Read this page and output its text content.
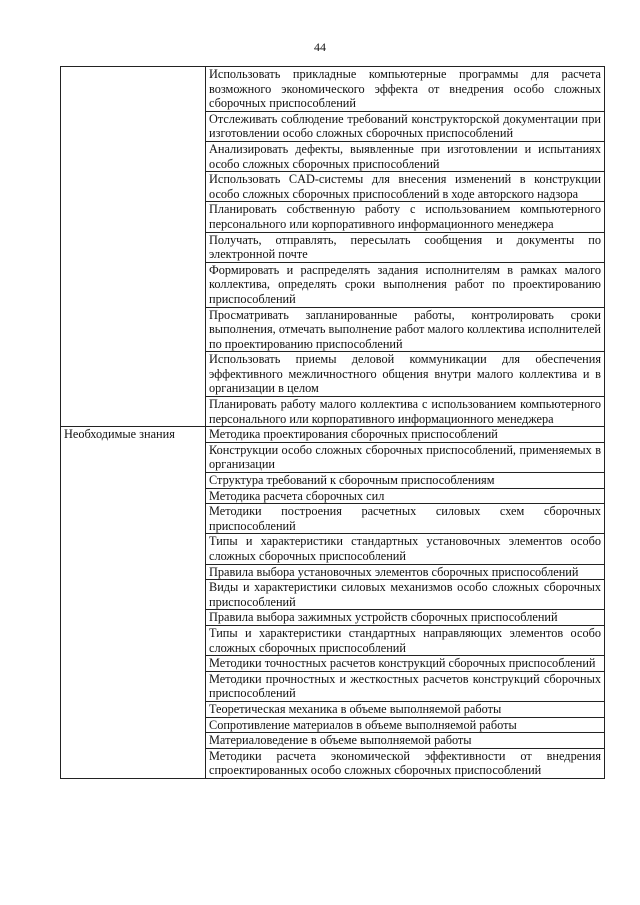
44
	Использовать прикладные компьютерные программы для расчета возможного экономического эффекта от внедрения особо сложных сборочных приспособлений
	Отслеживать соблюдение требований конструкторской документации при изготовлении особо сложных сборочных приспособлений
	Анализировать дефекты, выявленные при изготовлении и испытаниях особо сложных сборочных приспособлений
	Использовать CAD-системы для внесения изменений в конструкции особо сложных сборочных приспособлений в ходе авторского надзора
	Планировать собственную работу с использованием компьютерного персонального или корпоративного информационного менеджера
	Получать, отправлять, пересылать сообщения и документы по электронной почте
	Формировать и распределять задания исполнителям в рамках малого коллектива, определять сроки выполнения работ по проектированию приспособлений
	Просматривать запланированные работы, контролировать сроки выполнения, отмечать выполнение работ малого коллектива исполнителей по проектированию приспособлений
	Использовать приемы деловой коммуникации для обеспечения эффективного межличностного общения внутри малого коллектива и в организации в целом
	Планировать работу малого коллектива с использованием компьютерного персонального или корпоративного информационного менеджера
Необходимые знания	Методика проектирования сборочных приспособлений
	Конструкции особо сложных сборочных приспособлений, применяемых в организации
	Структура требований к сборочным приспособлениям
	Методика расчета сборочных сил
	Методики построения расчетных силовых схем сборочных приспособлений
	Типы и характеристики стандартных установочных элементов особо сложных сборочных приспособлений
	Правила выбора установочных элементов сборочных приспособлений
	Виды и характеристики силовых механизмов особо сложных сборочных приспособлений
	Правила выбора зажимных устройств сборочных приспособлений
	Типы и характеристики стандартных направляющих элементов особо сложных сборочных приспособлений
	Методики точностных расчетов конструкций сборочных приспособлений
	Методики прочностных и жесткостных расчетов конструкций сборочных приспособлений
	Теоретическая механика в объеме выполняемой работы
	Сопротивление материалов в объеме выполняемой работы
	Материаловедение в объеме выполняемой работы
	Методики расчета экономической эффективности от внедрения спроектированных особо сложных сборочных приспособлений
